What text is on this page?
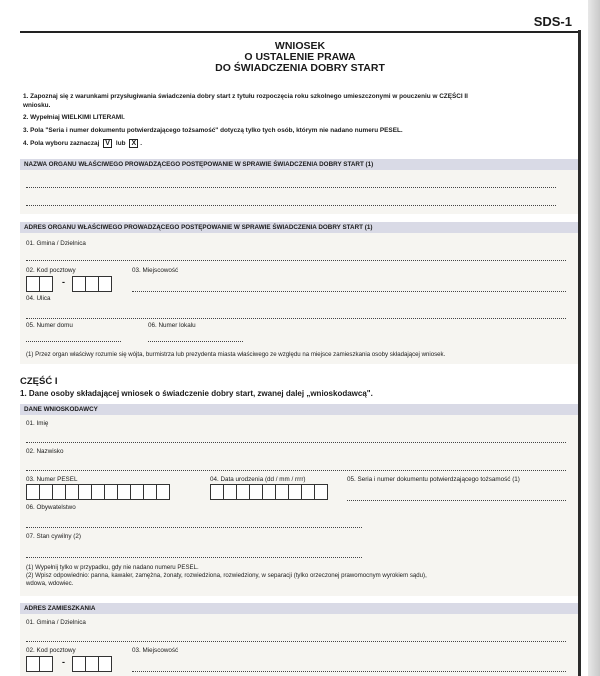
SDS-1
WNIOSEK
O USTALENIE PRAWA
DO ŚWIADCZENIA DOBRY START
1. Zapoznaj się z warunkami przysługiwania świadczenia dobry start z tytułu rozpoczęcia roku szkolnego umieszczonymi w pouczeniu w CZĘŚCI II
wniosku.
2. Wypełniaj WIELKIMI LITERAMI.
3. Pola "Seria i numer dokumentu potwierdzającego tożsamość" dotyczą tylko tych osób, którym nie nadano numeru PESEL.
4. Pola wyboru zaznaczaj V lub X .
NAZWA ORGANU WŁAŚCIWEGO PROWADZĄCEGO POSTĘPOWANIE W SPRAWIE ŚWIADCZENIA DOBRY START (1)
ADRES ORGANU WŁAŚCIWEGO PROWADZĄCEGO POSTĘPOWANIE W SPRAWIE ŚWIADCZENIA DOBRY START (1)
01. Gmina / Dzielnica
02. Kod pocztowy
-
03. Miejscowość
04. Ulica
05. Numer domu	06. Numer lokalu
(1) Przez organ właściwy rozumie się wójta, burmistrza lub prezydenta miasta właściwego ze względu na miejsce zamieszkania osoby składającej wniosek.
CZĘŚĆ I
1. Dane osoby składającej wniosek o świadczenie dobry start, zwanej dalej „wnioskodawcą".
DANE WNIOSKODAWCY
01. Imię
02. Nazwisko
03. Numer PESEL	04. Data urodzenia (dd / mm / rrrr)	05. Seria i numer dokumentu potwierdzającego tożsamość (1)
06. Obywatelstwo
07. Stan cywilny (2)
(1) Wypełnij tylko w przypadku, gdy nie nadano numeru PESEL.
(2) Wpisz odpowiednio: panna, kawaler, zamężna, żonaty, rozwiedziona, rozwiedziony, w separacji (tylko orzeczonej prawomocnym wyrokiem sądu),
wdowa, wdowiec.
ADRES ZAMIESZKANIA
01. Gmina / Dzielnica
02. Kod pocztowy
-
03. Miejscowość
